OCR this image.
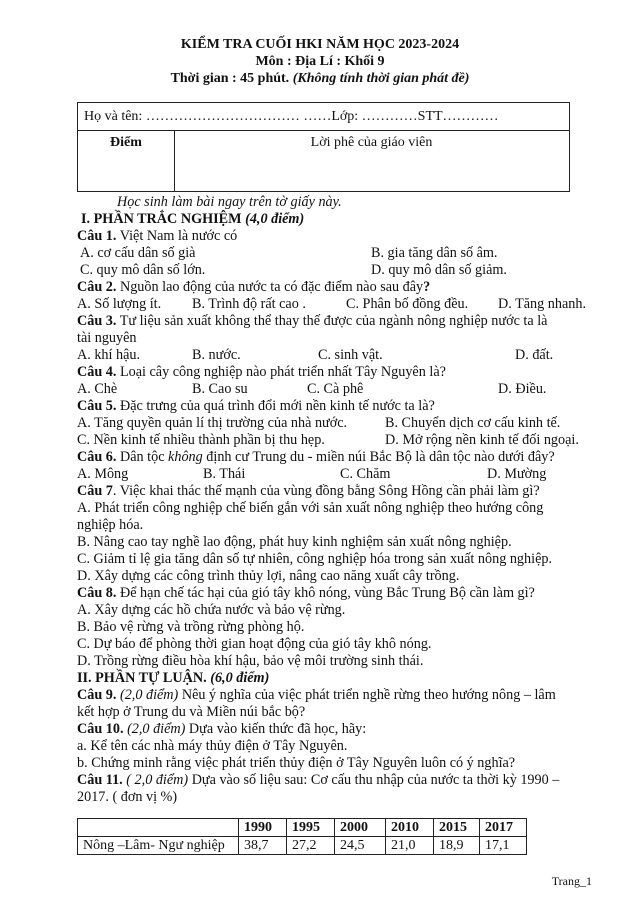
KIỂM TRA CUỐI HKI NĂM HỌC 2023-2024
Môn : Địa Lí : Khối 9
Thời gian : 45 phút. (Không tính thời gian phát đề)
Họ và tên: …………………………… ……Lớp: …………STT…………
Điểm	Lời phê của giáo viên
Học sinh làm bài ngay trên tờ giấy này.
I. PHẦN TRẮC NGHIỆM (4,0 điểm)
Câu 1. Việt Nam là nước có
A. cơ cấu dân số già	B. gia tăng dân số âm.
C. quy mô dân số lớn.	D. quy mô dân số giảm.
Câu 2. Nguồn lao động của nước ta có đặc điểm nào sau đây?
A. Số lượng ít. B. Trình độ rất cao .	C. Phân bố đồng đều. D. Tăng nhanh.
Câu 3. Tư liệu sản xuất không thể thay thế được của ngành nông nghiệp nước ta là
tài nguyên
A. khí hậu.	B. nước.	C. sinh vật.	D. đất.
Câu 4. Loại cây công nghiệp nào phát triển nhất Tây Nguyên là?
A. Chè	B. Cao su	C. Cà phê	D. Điều.
Câu 5. Đặc trưng của quá trình đổi mới nền kinh tế nước ta là?
A. Tăng quyền quản lí thị trường của nhà nước.	B. Chuyển dịch cơ cấu kinh tế.
C. Nền kinh tế nhiều thành phần bị thu hẹp.	D. Mở rộng nền kinh tế đối ngoại.
Câu 6. Dân tộc không định cư Trung du - miền núi Bắc Bộ là dân tộc nào dưới đây?
A. Mông	B. Thái	C. Chăm	D. Mường
Câu 7. Việc khai thác thế mạnh của vùng đồng bằng Sông Hồng cần phải làm gì?
A. Phát triển công nghiệp chế biến gắn với sản xuất nông nghiệp theo hướng công
nghiệp hóa.
B. Nâng cao tay nghề lao động, phát huy kinh nghiệm sản xuất nông nghiệp.
C. Giảm tỉ lệ gia tăng dân số tự nhiên, công nghiệp hóa trong sản xuất nông nghiệp.
D. Xây dựng các công trình thủy lợi, nâng cao năng xuất cây trồng.
Câu 8. Để hạn chế tác hại của gió tây khô nóng, vùng Bắc Trung Bộ cần làm gì?
A. Xây dựng các hồ chứa nước và bảo vệ rừng.
B. Bảo vệ rừng và trồng rừng phòng hộ.
C. Dự báo để phòng thời gian hoạt động của gió tây khô nóng.
D. Trồng rừng điều hòa khí hậu, bảo vệ môi trường sinh thái.
II. PHẦN TỰ LUẬN. (6,0 điểm)
Câu 9. (2,0 điểm) Nêu ý nghĩa của việc phát triển nghề rừng theo hướng nông – lâm
kết hợp ở Trung du và Miền núi bắc bộ?
Câu 10. (2,0 điểm) Dựa vào kiến thức đã học, hãy:
a. Kể tên các nhà máy thủy điện ở Tây Nguyên.
b. Chứng minh rằng việc phát triển thủy điện ở Tây Nguyên luôn có ý nghĩa?
Câu 11. ( 2,0 điểm) Dựa vào số liệu sau: Cơ cấu thu nhập của nước ta thời kỳ 1990 –
2017. ( đơn vị %)
	1990	1995	2000	2010	2015	2017
Nông –Lâm- Ngư nghiệp	38,7	27,2	24,5	21,0	18,9	17,1
Trang_1
